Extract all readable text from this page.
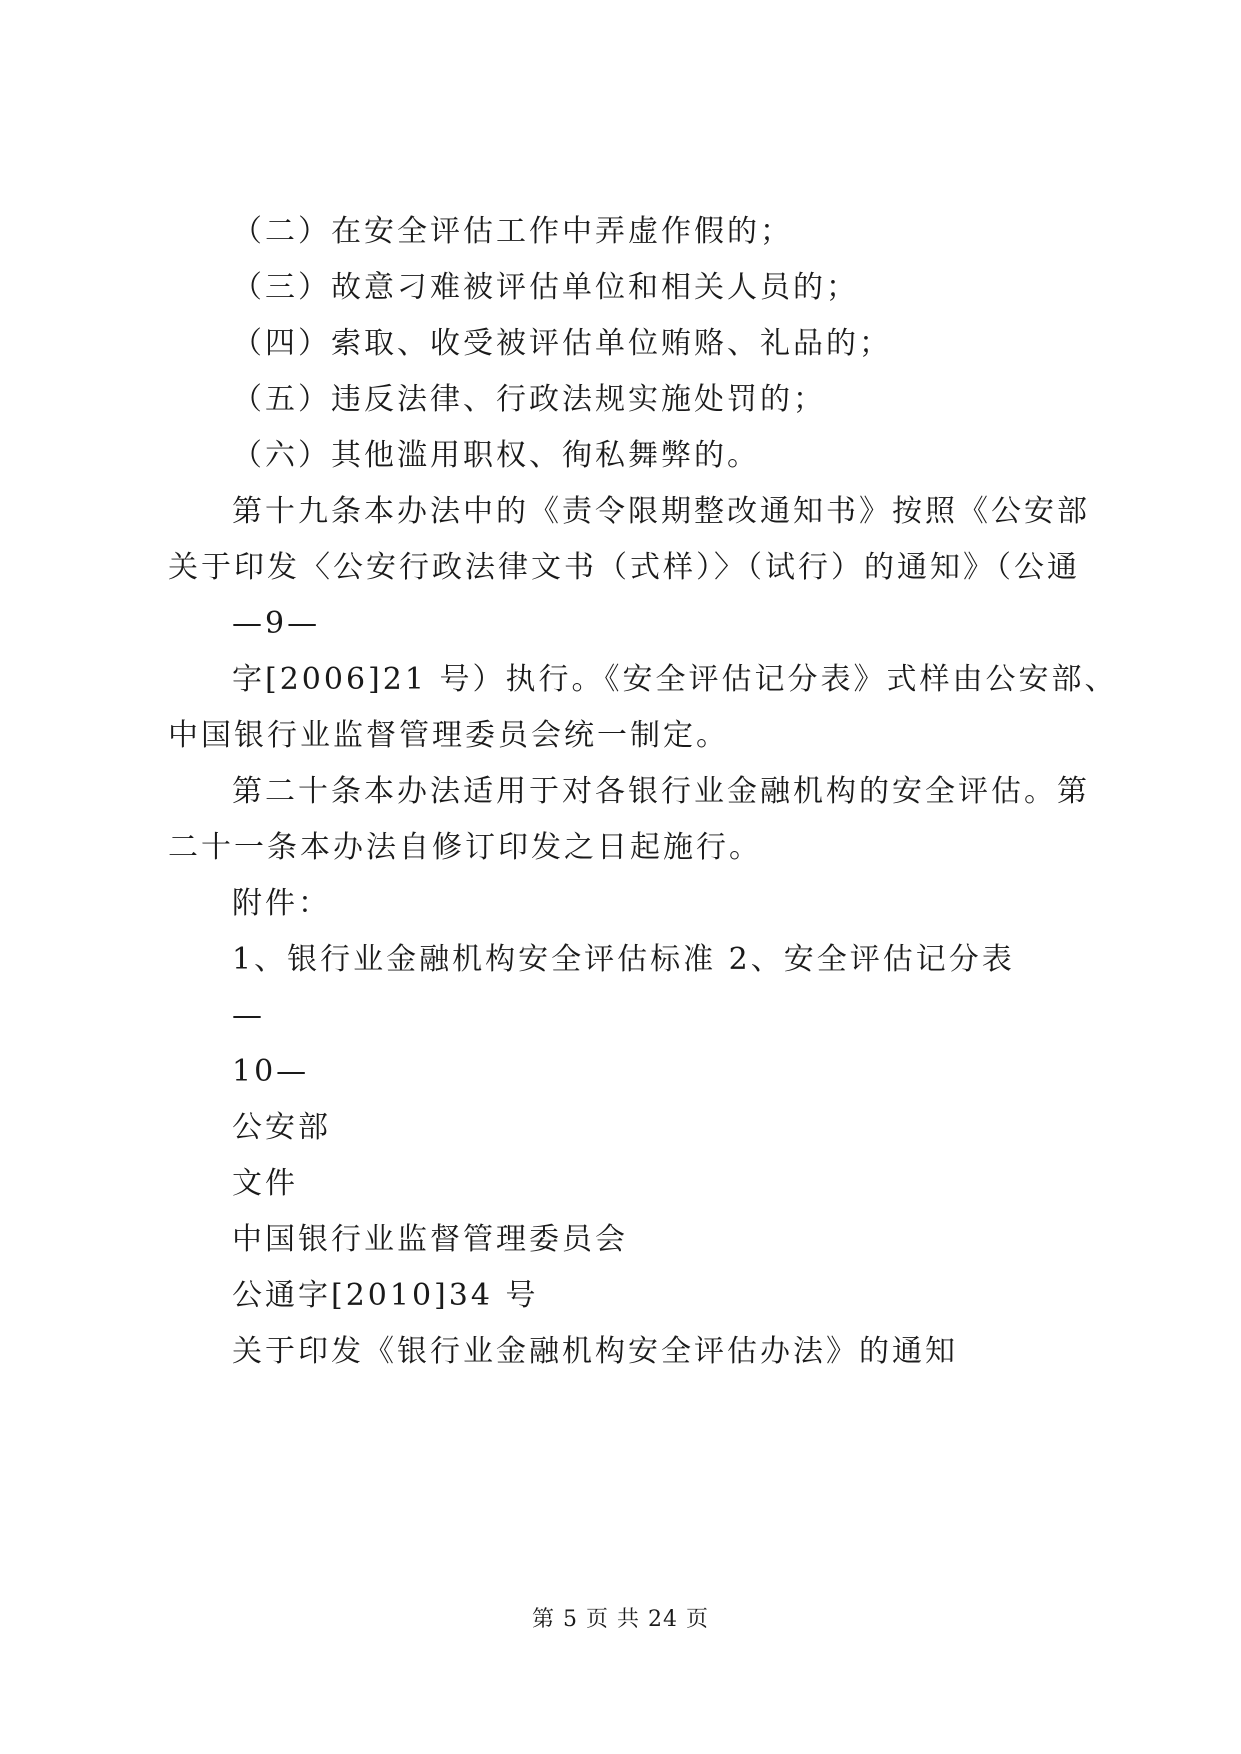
（二）在安全评估工作中弄虚作假的；
（三）故意刁难被评估单位和相关人员的；
（四）索取、收受被评估单位贿赂、礼品的；
（五）违反法律、行政法规实施处罚的；
（六）其他滥用职权、徇私舞弊的。
第十九条本办法中的《责令限期整改通知书》按照《公安部
关于印发〈公安行政法律文书（式样）〉（试行）的通知》（公通
—9—
字[2006]21 号）执行。《安全评估记分表》式样由公安部、
中国银行业监督管理委员会统一制定。
第二十条本办法适用于对各银行业金融机构的安全评估。第
二十一条本办法自修订印发之日起施行。
附件：
1、银行业金融机构安全评估标准 2、安全评估记分表
—
10—
公安部
文件
中国银行业监督管理委员会
公通字[2010]34 号
关于印发《银行业金融机构安全评估办法》的通知
第 5 页 共 24 页
